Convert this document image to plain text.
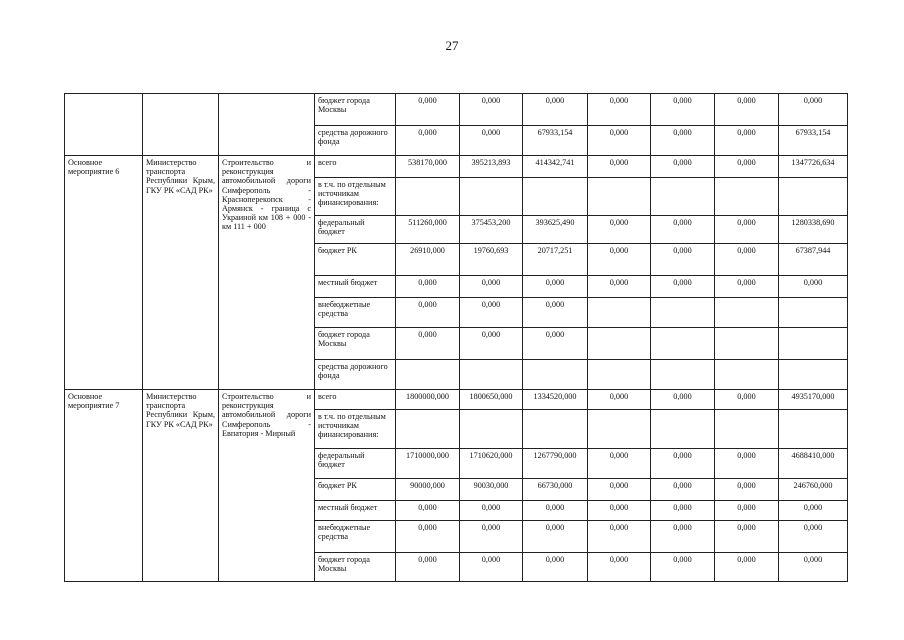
27
			бюджет города Москвы	0,000	0,000	0,000	0,000	0,000	0,000	0,000
			средства дорожного фонда	0,000	0,000	67933,154	0,000	0,000	0,000	67933,154
Основное мероприятие 6	Министерство транспорта Республики Крым, ГКУ РК «САД РК»	Строительство и реконструкция автомобильной дороги Симферополь - Красноперекопск - Армянск - граница с Украиной км 108 + 000 - км 111 + 000	всего	538170,000	395213,893	414342,741	0,000	0,000	0,000	1347726,634
			в т.ч. по отдельным источникам финансирования:							
			федеральный бюджет	511260,000	375453,200	393625,490	0,000	0,000	0,000	1280338,690
			бюджет РК	26910,000	19760,693	20717,251	0,000	0,000	0,000	67387,944
			местный бюджет	0,000	0,000	0,000	0,000	0,000	0,000	0,000
			внебюджетные средства	0,000	0,000	0,000				
			бюджет города Москвы	0,000	0,000	0,000				
			средства дорожного фонда							
Основное мероприятие 7	Министерство транспорта Республики Крым, ГКУ РК «САД РК»	Строительство и реконструкция автомобильной дороги Симферополь - Евпатория - Мирный	всего	1800000,000	1800650,000	1334520,000	0,000	0,000	0,000	4935170,000
			в т.ч. по отдельным источникам финансирования:							
			федеральный бюджет	1710000,000	1710620,000	1267790,000	0,000	0,000	0,000	4688410,000
			бюджет РК	90000,000	90030,000	66730,000	0,000	0,000	0,000	246760,000
			местный бюджет	0,000	0,000	0,000	0,000	0,000	0,000	0,000
			внебюджетные средства	0,000	0,000	0,000	0,000	0,000	0,000	0,000
			бюджет города Москвы	0,000	0,000	0,000	0,000	0,000	0,000	0,000
